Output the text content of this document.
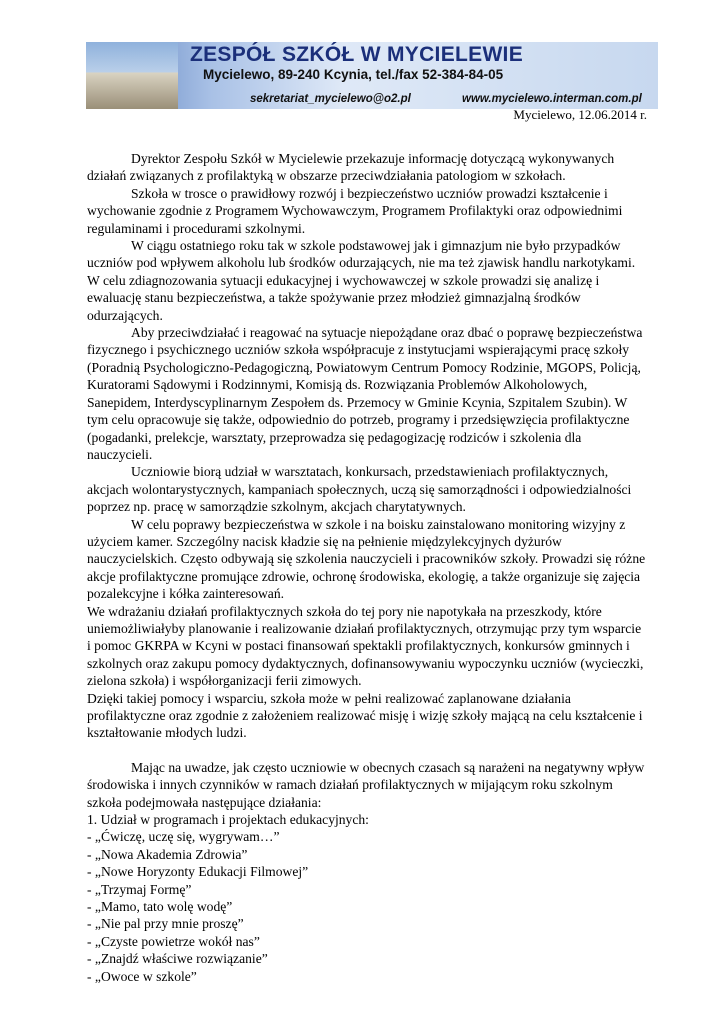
ZESPÓŁ SZKÓŁ W MYCIELEWIE
Mycielewo, 89-240 Kcynia, tel./fax 52-384-84-05
sekretariat_mycielewo@o2.pl	www.mycielewo.interman.com.pl
Mycielewo, 12.06.2014 r.

Dyrektor Zespołu Szkół w Mycielewie przekazuje informację dotyczącą wykonywanych działań związanych z profilaktyką w obszarze przeciwdziałania patologiom w szkołach.

Szkoła w trosce o prawidłowy rozwój i bezpieczeństwo uczniów prowadzi kształcenie i wychowanie zgodnie z Programem Wychowawczym, Programem Profilaktyki oraz odpowiednimi regulaminami i procedurami szkolnymi.

W ciągu ostatniego roku tak w szkole podstawowej jak i gimnazjum nie było przypadków uczniów pod wpływem alkoholu lub środków odurzających, nie ma też zjawisk handlu narkotykami.

W celu zdiagnozowania sytuacji edukacyjnej i wychowawczej w szkole prowadzi się analizę i ewaluację stanu bezpieczeństwa, a także spożywanie przez młodzież gimnazjalną środków odurzających.

Aby przeciwdziałać i reagować na sytuacje niepożądane oraz dbać o poprawę bezpieczeństwa fizycznego i psychicznego uczniów szkoła współpracuje z instytucjami wspierającymi pracę szkoły (Poradnią Psychologiczno-Pedagogiczną, Powiatowym Centrum Pomocy Rodzinie, MGOPS, Policją, Kuratorami Sądowymi i Rodzinnymi, Komisją ds. Rozwiązania Problemów Alkoholowych, Sanepidem, Interdyscyplinarnym Zespołem ds. Przemocy w Gminie Kcynia, Szpitalem Szubin). W tym celu opracowuje się także, odpowiednio do potrzeb, programy i przedsięwzięcia profilaktyczne (pogadanki, prelekcje, warsztaty, przeprowadza się pedagogizację rodziców i szkolenia dla nauczycieli.

Uczniowie biorą udział w warsztatach, konkursach, przedstawieniach profilaktycznych, akcjach wolontarystycznych, kampaniach społecznych, uczą się samorządności i odpowiedzialności poprzez np. pracę w samorządzie szkolnym, akcjach charytatywnych.

W celu poprawy bezpieczeństwa w szkole i na boisku zainstalowano monitoring wizyjny z użyciem kamer. Szczególny nacisk kładzie się na pełnienie międzylekcyjnych dyżurów nauczycielskich. Często odbywają się szkolenia nauczycieli i pracowników szkoły. Prowadzi się różne akcje profilaktyczne promujące zdrowie, ochronę środowiska, ekologię, a także organizuje się zajęcia pozalekcyjne i kółka zainteresowań.

We wdrażaniu działań profilaktycznych szkoła do tej pory nie napotykała na przeszkody, które uniemożliwiałyby planowanie i realizowanie działań profilaktycznych, otrzymując przy tym wsparcie i pomoc GKRPA w Kcyni w postaci finansowań spektakli profilaktycznych, konkursów gminnych i szkolnych oraz zakupu pomocy dydaktycznych, dofinansowywaniu wypoczynku uczniów (wycieczki, zielona szkoła) i współorganizacji ferii zimowych.

Dzięki takiej pomocy i wsparciu, szkoła może w pełni realizować zaplanowane działania profilaktyczne oraz zgodnie z założeniem realizować misję i wizję szkoły mającą na celu kształcenie i kształtowanie młodych ludzi.

Mając na uwadze, jak często uczniowie w obecnych czasach są narażeni na negatywny wpływ środowiska i innych czynników w ramach działań profilaktycznych w mijającym roku szkolnym szkoła podejmowała następujące działania:

1. Udział w programach i projektach edukacyjnych:

- „Ćwiczę, uczę się, wygrywam…”
- „Nowa Akademia Zdrowia”
- „Nowe Horyzonty Edukacji Filmowej”
- „Trzymaj Formę”
- „Mamo, tato wolę wodę”
- „Nie pal przy mnie proszę”
- „Czyste powietrze wokół nas”
- „Znajdź właściwe rozwiązanie”
- „Owoce w szkole”
